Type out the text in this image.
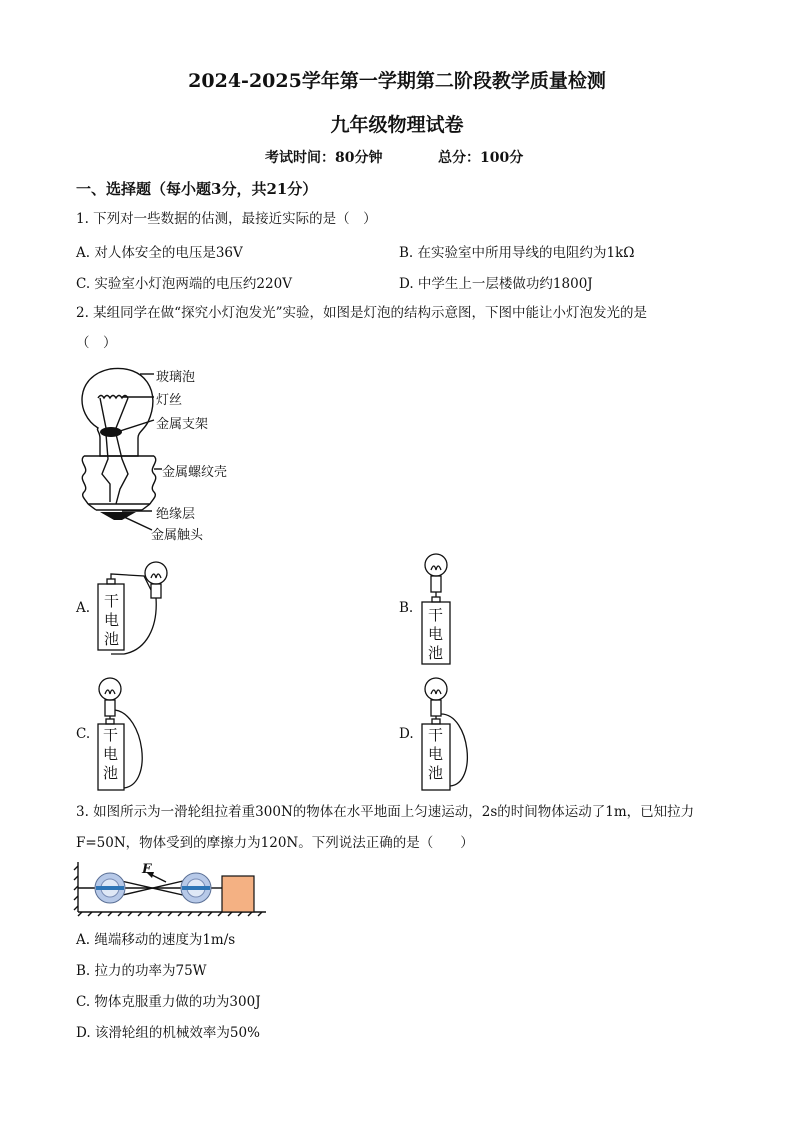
2024-2025学年第一学期第二阶段教学质量检测
九年级物理试卷
考试时间：80分钟	总分：100分
一、选择题（每小题3分，共21分）
1. 下列对一些数据的估测，最接近实际的是（　）
A. 对人体安全的电压是36V	B. 在实验室中所用导线的电阻约为1kΩ
C. 实验室小灯泡两端的电压约220V	D. 中学生上一层楼做功约1800J
2. 某组同学在做“探究小灯泡发光”实验，如图是灯泡的结构示意图，下图中能让小灯泡发光的是
（　）
玻璃泡
灯丝
金属支架
金属螺纹壳
绝缘层
金属触头
A. 干
电
池
B. 干
电
池
C. 干
电
池
D. 干
电
池
3. 如图所示为一滑轮组拉着重300N的物体在水平地面上匀速运动，2s的时间物体运动了1m，已知拉力
F=50N，物体受到的摩擦力为120N。下列说法正确的是（　　）
F
A. 绳端移动的速度为1m/s
B. 拉力的功率为75W
C. 物体克服重力做的功为300J
D. 该滑轮组的机械效率为50%
